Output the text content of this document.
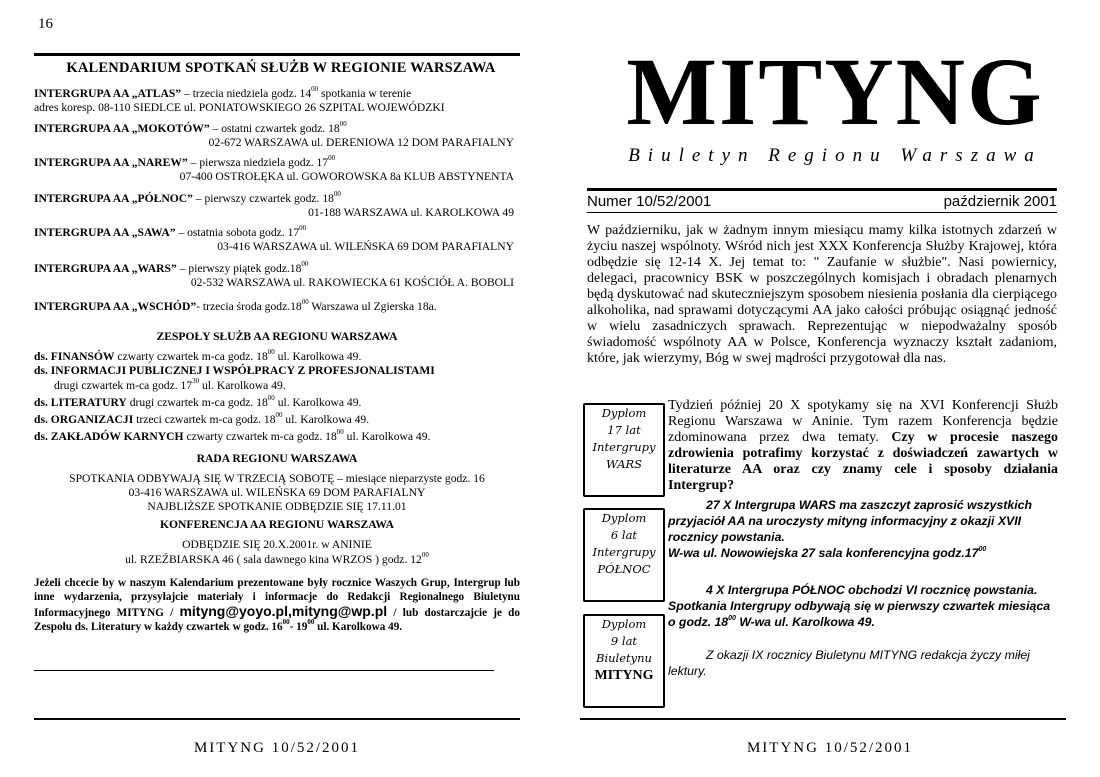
16
KALENDARIUM SPOTKAŃ SŁUŻB W REGIONIE WARSZAWA
INTERGRUPA AA „ATLAS” – trzecia niedziela godz. $14^{00}$ spotkania w terenie
adres koresp. 08-110 SIEDLCE ul. PONIATOWSKIEGO 26 SZPITAL WOJEWÓDZKI
INTERGRUPA AA „MOKOTÓW” – ostatni czwartek godz. $18^{00}$
02-672 WARSZAWA ul. DERENIOWA 12 DOM PARAFIALNY
INTERGRUPA AA „NAREW” – pierwsza niedziela godz. $17^{00}$
07-400 OSTROŁĘKA ul. GOWOROWSKA 8a KLUB ABSTYNENTA
INTERGRUPA AA „PÓŁNOC” – pierwszy czwartek godz. $18^{00}$
01-188 WARSZAWA ul. KAROLKOWA 49
INTERGRUPA AA „SAWA” – ostatnia sobota godz. $17^{00}$
03-416 WARSZAWA ul. WILEŃSKA 69 DOM PARAFIALNY
INTERGRUPA AA „WARS” – pierwszy piątek $godz.18^{00}$
02-532 WARSZAWA ul. RAKOWIECKA 61 KOŚCIÓŁ A. BOBOLI
INTERGRUPA AA „WSCHÓD”- trzecia środa $godz.18^{00}$ Warszawa ul Zgierska 18a.
ZESPOŁY SŁUŻB AA REGIONU WARSZAWA
ds. FINANSÓW czwarty czwartek m-ca godz. $18^{00}$ ul. Karolkowa 49.
ds. INFORMACJI PUBLICZNEJ I WSPÓŁPRACY Z PROFESJONALISTAMI
drugi czwartek m-ca godz. $17^{30}$ ul. Karolkowa 49.
ds. LITERATURY drugi czwartek m-ca godz. $18^{00}$ ul. Karolkowa 49.
ds. ORGANIZACJI trzeci czwartek m-ca godz. $18^{00}$ ul. Karolkowa 49.
ds. ZAKŁADÓW KARNYCH czwarty czwartek m-ca godz. $18^{00}$ ul. Karolkowa 49.
RADA REGIONU WARSZAWA
SPOTKANIA ODBYWAJĄ SIĘ W TRZECIĄ SOBOTĘ – miesiące nieparzyste godz. 16
03-416 WARSZAWA ul. WILEŃSKA 69 DOM PARAFIALNY
NAJBLIŻSZE SPOTKANIE ODBĘDZIE SIĘ 17.11.01
KONFERENCJA AA REGIONU WARSZAWA
ODBĘDZIE SIĘ 20.X.2001r. w ANINIE
ul. RZEŹBIARSKA 46 ( sala dawnego kina WRZOS ) godz. $12^{00}$
Jeżeli chcecie by w naszym Kalendarium prezentowane były rocznice Waszych Grup, Intergrup lub inne wydarzenia, przysyłajcie materiały i informacje do Redakcji Regionalnego Biuletynu Informacyjnego MITYNG / mityng@yoyo.pl,mityng@wp.pl / lub dostarczajcie je do Zespołu ds. Literatury w każdy czwartek w godz. $16^{00}-$ $19^{00}$ ul. Karolkowa 49.
MITYNG 10/52/2001
MITYNG
Biuletyn Regionu Warszawa
Numer 10/52/2001	październik 2001
W październiku, jak w żadnym innym miesiącu mamy kilka istotnych zdarzeń w życiu naszej wspólnoty. Wśród nich jest XXX Konferencja Służby Krajowej, która odbędzie się 12-14 X. Jej temat to: " Zaufanie w służbie". Nasi powiernicy, delegaci, pracownicy BSK w poszczególnych komisjach i obradach plenarnych będą dyskutować nad skuteczniejszym sposobem niesienia posłania dla cierpiącego alkoholika, nad sprawami dotyczącymi AA jako całości próbując osiągnąć jedność w wielu zasadniczych sprawach. Reprezentując w niepodważalny sposób świadomość wspólnoty AA w Polsce, Konferencja wyznaczy kształt zadaniom, które, jak wierzymy, Bóg w swej mądrości przygotował dla nas.
Tydzień później 20 X spotykamy się na XVI Konferencji Służb Regionu Warszawa w Aninie. Tym razem Konferencja będzie zdominowana przez dwa tematy. Czy w procesie naszego zdrowienia potrafimy korzystać z doświadczeń zawartych w literaturze AA oraz czy znamy cele i sposoby działania Intergrup?
27 X Intergrupa WARS ma zaszczyt zaprosić wszystkich przyjaciół AA na uroczysty mityng informacyjny z okazji XVII rocznicy powstania.
W-wa ul. Nowowiejska 27 sala konferencyjna $godz.17^{00}$
4 X Intergrupa PÓŁNOC obchodzi VI rocznicę powstania. Spotkania Intergrupy odbywają się w pierwszy czwartek miesiąca o godz. $18^{00}$ W-wa ul. Karolkowa 49.
Z okazji IX rocznicy Biuletynu MITYNG redakcja życzy miłej lektury.
Dyplom
17 lat
Intergrupy
WARS
Dyplom
6 lat
Intergrupy
PÓŁNOC
Dyplom
9 lat
Biuletynu
MITYNG
MITYNG 10/52/2001
